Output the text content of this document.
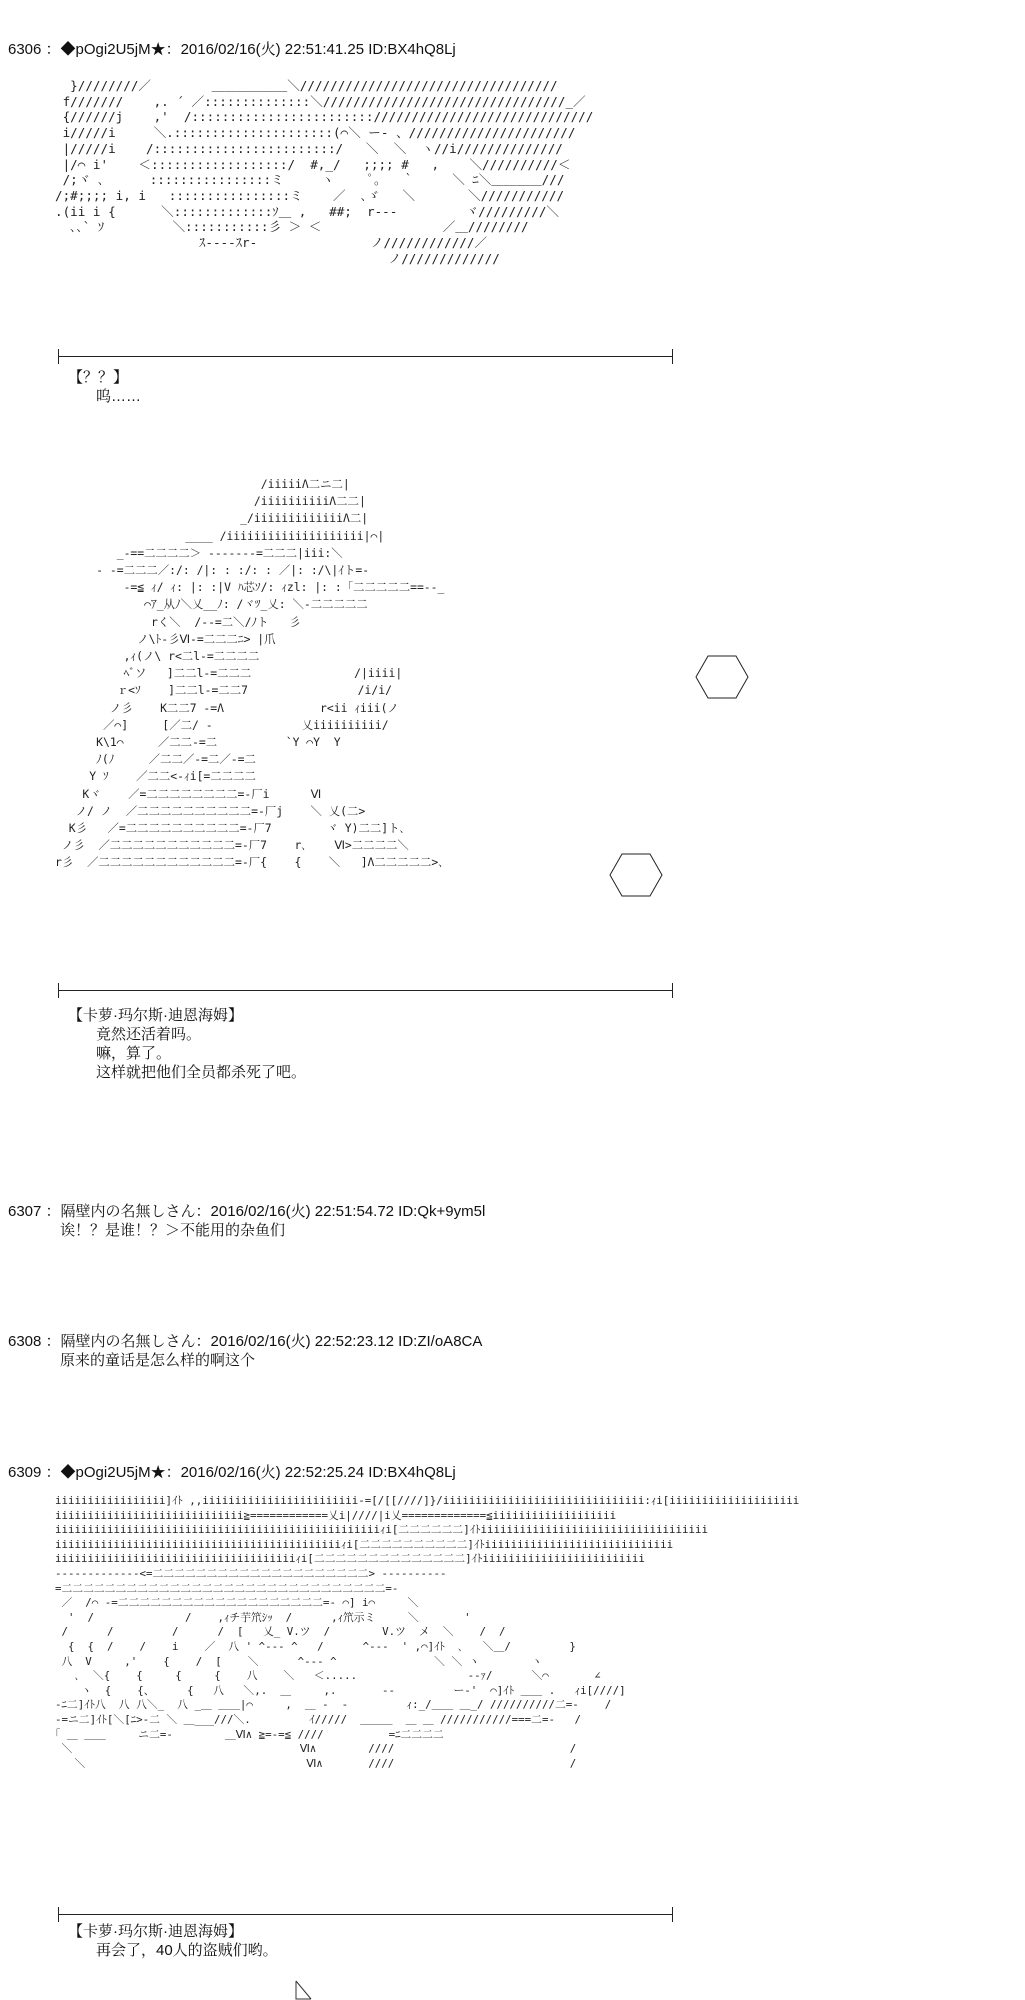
6306 ：◆pOgi2U5jM★：2016/02/16(火) 22:51:41.25 ID:BX4hQ8Lj
}////////／        ＿＿＿＿＿＿＼//////////////////////////////////
f///////    ,. ´ ／::::::::::::::＼////////////////////////////////_／
{//////j    ,'  /:::::::::::::::::::::::://///////////////////////////
i/////i     ＼.:::::::::::::::::::::(⌒＼ ー- 、//////////////////////
|/////i    /::::::::::::::::::::::::/   ＼  ＼  ヽ//i//////////////
|/⌒ i'    ＜::::::::::::::::::/  #,_/   ;;;; #   ,    ＼//////////＜
/;ヾ ､      ::::::::::::::::ミ     ヽ     ﾟ。  ｀     ＼ ﾆ＼＿＿＿＿///
/;#;;;; i, i   ::::::::::::::::ミ    ／  ､ゞ   ＼       ＼///////////
.(ii i {      ＼:::::::::::::ｿ＿ ,   ##;  r‐‐-         ヾ/////////＼
､､` ｿ         ＼:::::::::::彡 ＞ ＜                ／＿////////
ｽ‐--‐ｽr‐               ノ////////////／
ノ/////////////
【？？】
呜……
/iiiiiΛ二ニ二|
/iiiiiiiiiiΛ二二|
_/iiiiiiiiiiiiiΛ二|
____ /iiiiiiiiiiiiiiiiiiii|⌒|
_-==二二二二＞ -------=二二二|iii:＼
‐ -=二二二／:/: /|: : :/: : ／|: :/\|ｲト=‐
‐=≦ ｨ/ ｨ: |: :|V ﾊ芯ｿ/: ｨzl: |: :「二二二二二==‐‐_
⌒ｱ_从ﾉ＼乂__ﾉ: /ヾﾂ_乂: ＼‐二二二二二
rく＼  /--=二＼/ﾉト   彡
ノ\ﾄ‐彡Ⅵ-=二二二ﾆ> |爪
,ｨ(ノ\ r<二l-=二二二二
ﾍﾞソ   ]二二l-=二二二               /|iiii|
ｒ<ｿ    ]二二l-=二二7                /i/i/
ノ彡    K二二7 -=Λ              r<ii ｨiii(ノ
／⌒]     [／二/ -             乂iiiiiiiiii/
K\1⌒     ／二二-=二          `Y ⌒Y  Y
ﾉ(ﾉ     ／二二／-=二／-=二
Y ｿ    ／二二<-ｨi[=二二二二
Kヾ    ／=二二二二二二二二=-厂i      Ⅵ
ノ/ ノ  ／二二二二二二二二二二=-厂j    ＼ 乂(二>
K彡   ／=二二二二二二二二二二=-厂7        ヾ Y)二二]ト､
ノ彡  ／二二二二二二二二二二二=-厂7    r､    Ⅵ>二二二二＼
r彡  ／二二二二二二二二二二二二=-厂{    {    ＼   ]Λ二二二二二>､
【卡萝·玛尔斯·迪恩海姆】
竟然还活着吗。
嘛，算了。
这样就把他们全员都杀死了吧。
6307 ：隔壁内の名無しさん：2016/02/16(火) 22:51:54.72 ID:Qk+9ym5l
诶！？是谁！？＞不能用的杂鱼们
6308 ：隔壁内の名無しさん：2016/02/16(火) 22:52:23.12 ID:ZI/oA8CA
原来的童话是怎么样的啊这个
6309 ：◆pOgi2U5jM★：2016/02/16(火) 22:52:25.24 ID:BX4hQ8Lj
iiiiiiiiiiiiiiiii]ｲﾄ ,,iiiiiiiiiiiiiiiiiiiiiiii-=[/[[////]}/iiiiiiiiiiiiiiiiiiiiiiiiiiiiiii:ｨi[iiiiiiiiiiiiiiiiiiii
iiiiiiiiiiiiiiiiiiiiiiiiiiiii≧============乂i|////|i乂=============≦iiiiiiiiiiiiiiiiiii
iiiiiiiiiiiiiiiiiiiiiiiiiiiiiiiiiiiiiiiiiiiiiiiiiiｨi[二二二二二二]ｲﾄiiiiiiiiiiiiiiiiiiiiiiiiiiiiiiiiiii
iiiiiiiiiiiiiiiiiiiiiiiiiiiiiiiiiiiiiiiiiiiiｨi[二二二二二二二二二二]ｲﾄiiiiiiiiiiiiiiiiiiiiiiiiiiiii
iiiiiiiiiiiiiiiiiiiiiiiiiiiiiiiiiiiiiｨi[二二二二二二二二二二二二二二]ｲﾄiiiiiiiiiiiiiiiiiiiiiiiii
-------------<=二二二二二二二二二二二二二二二二二二二二> ----------
=二二二二二二二二二二二二二二二二二二二二二二二二二二二二二二=-
／  /⌒ -=二二二二二二二二二二二二二二二二二二二=- ⌒] i⌒     ＼
'  /              /    ,ｨチ芋笊ｼｯ  /      ,ｨ笊示ミ     ＼       '
/      /         /      /  [   乂_ V.ツ  /        V.ツ  メ  ＼    /  /
{  {  /    /    i    ／  八 ' ^‐‐‐ ^   /      ^‐‐‐  ' ,⌒]ｲﾄ  ､   ＼＿/         }
八  V     ,'    {    /  [    ＼      ^‐-‐ ^               ＼ ＼ ヽ        ヽ
､  ＼{    {     {     {    八    ＼   ＜.....                 ‐‐ｧ/      ＼⌒       ∠
ヽ  {    {、     {   八   ＼,.  ＿     ,.       ‐-         ー‐'  ⌒]ｲﾄ ＿＿ .   ｨi[////]
‐ﾆ二]ｲﾄ八  八 八＼_  八 _＿ ＿＿|⌒     ,  ＿ ‐  ‐         ｨ:_/＿＿ ＿_/ //////////二=‐    /
-=ニ二]ｲﾄ[＼[ﾆ>-二 ＼ ＿___///＼.         ｲ/////  ＿＿＿  ＿ ＿ ///////////===二=-   /
｢ ＿ ＿＿     ニ二=-        ＿Ⅵ∧ ≧=-=≦ ////          =ﾆ二二二二
＼                                   Ⅵ∧        ////                           /
＼                                  Ⅵ∧       ////                           /
【卡萝·玛尔斯·迪恩海姆】
再会了，40人的盗贼们哟。
